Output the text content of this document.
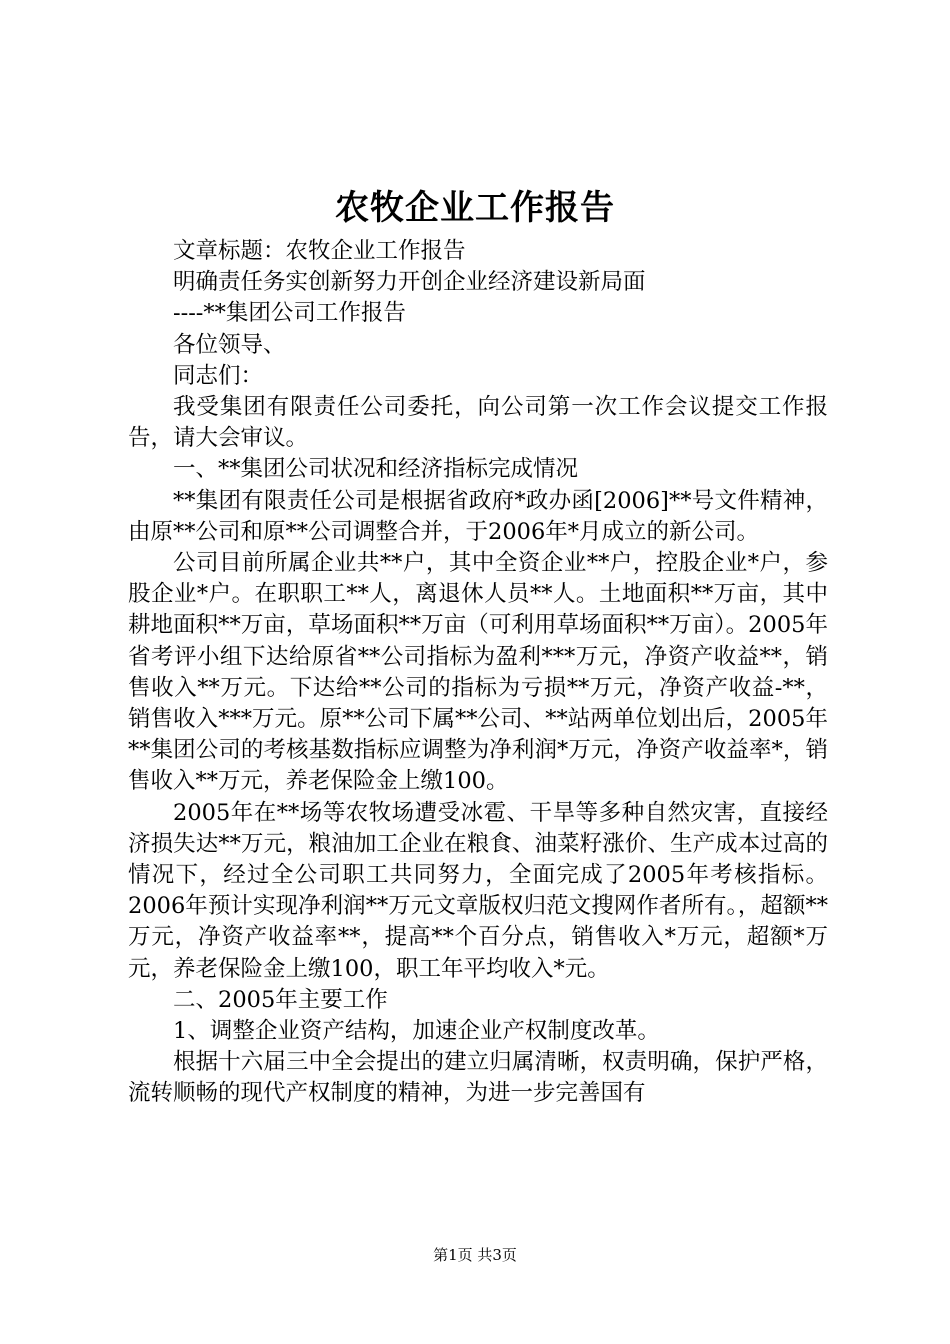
农牧企业工作报告

文章标题：农牧企业工作报告

明确责任务实创新努力开创企业经济建设新局面

----**集团公司工作报告

各位领导、

同志们：

我受集团有限责任公司委托，向公司第一次工作会议提交工作报告，请大会审议。

一、**集团公司状况和经济指标完成情况

**集团有限责任公司是根据省政府*政办函[2006]**号文件精神，由原**公司和原**公司调整合并，于2006年*月成立的新公司。

公司目前所属企业共**户，其中全资企业**户，控股企业*户，参股企业*户。在职职工**人，离退休人员**人。土地面积**万亩，其中耕地面积**万亩，草场面积**万亩（可利用草场面积**万亩）。2005年省考评小组下达给原省**公司指标为盈利***万元，净资产收益**，销售收入**万元。下达给**公司的指标为亏损**万元，净资产收益-**，销售收入***万元。原**公司下属**公司、**站两单位划出后，2005年**集团公司的考核基数指标应调整为净利润*万元，净资产收益率*，销售收入**万元，养老保险金上缴100。

2005年在**场等农牧场遭受冰雹、干旱等多种自然灾害，直接经济损失达**万元，粮油加工企业在粮食、油菜籽涨价、生产成本过高的情况下，经过全公司职工共同努力，全面完成了2005年考核指标。2006年预计实现净利润**万元文章版权归范文搜网作者所有。，超额**万元，净资产收益率**，提高**个百分点，销售收入*万元，超额*万元，养老保险金上缴100，职工年平均收入*元。

二、2005年主要工作

1、调整企业资产结构，加速企业产权制度改革。

根据十六届三中全会提出的建立归属清晰，权责明确，保护严格，流转顺畅的现代产权制度的精神，为进一步完善国有

第1页 共3页
